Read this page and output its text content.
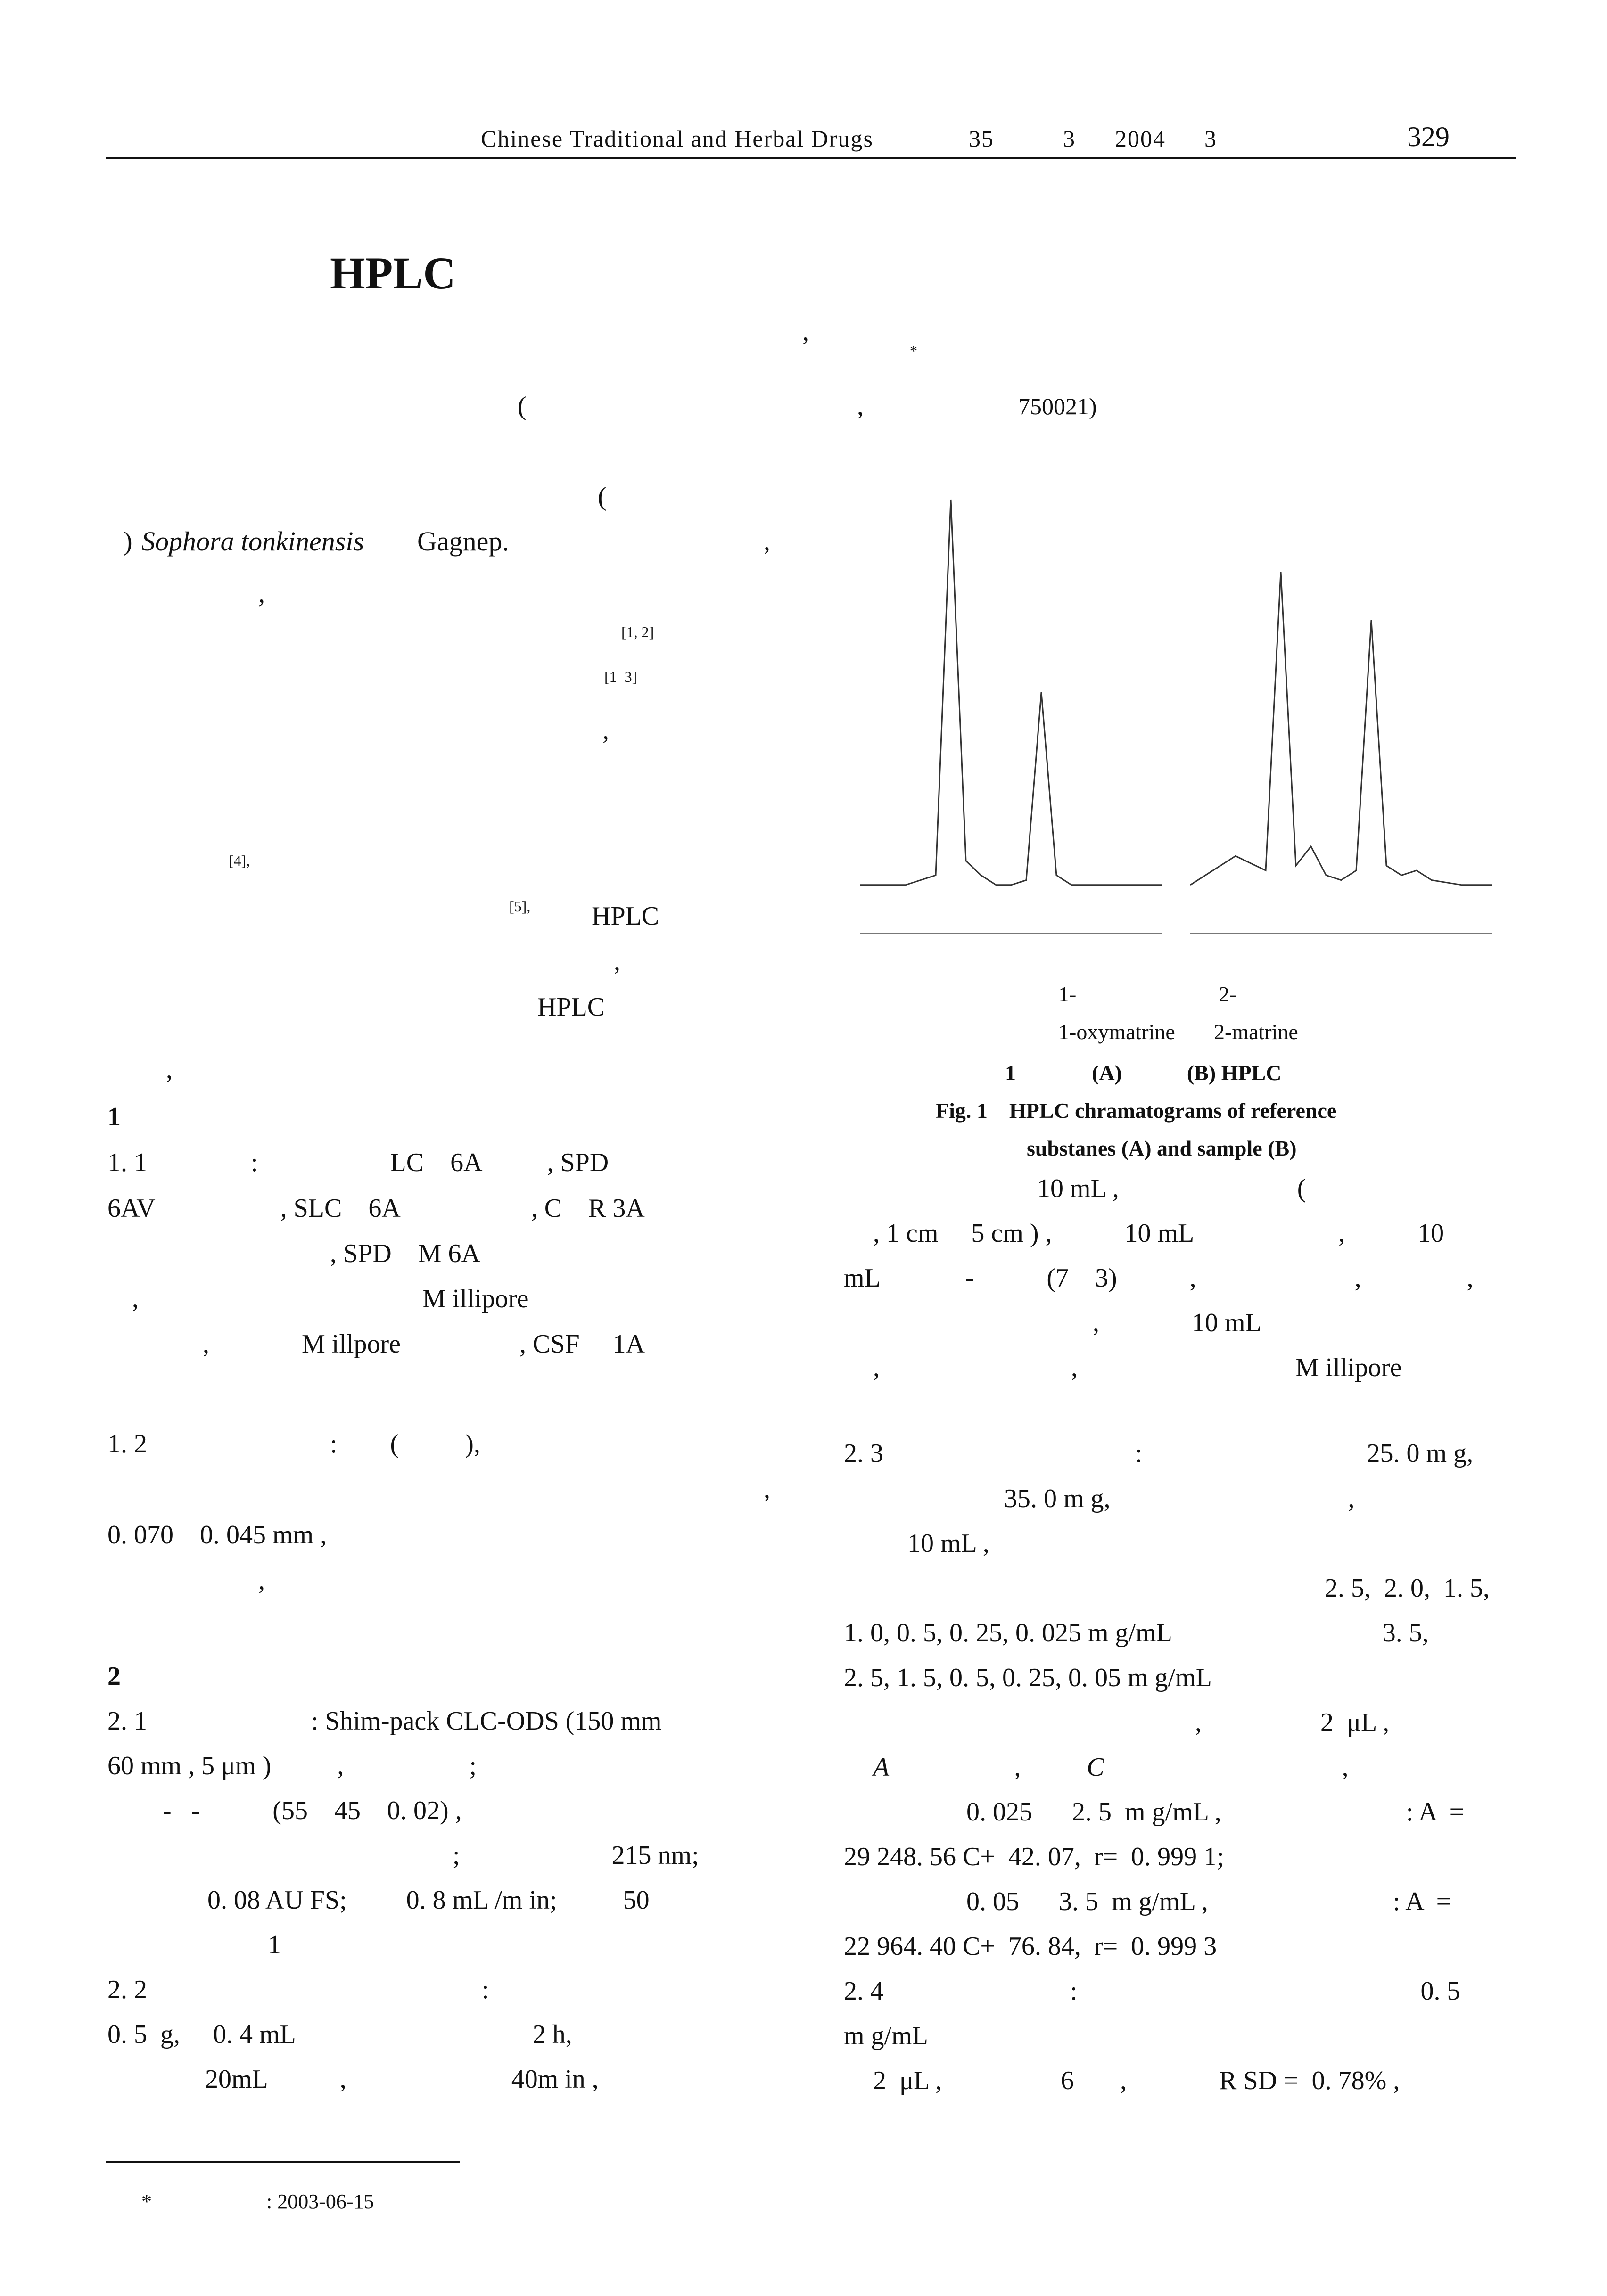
Chinese Traditional and Herbal Drugs	35	3 2004 3	329
HPLC
*
,
(	,	750021)
(
) Sophora tonkinensis Gagnep.	,
,
[1, 2]
[1  3]
,
[4],
[5], HPLC
,
HPLC
,
1
1. 1	:                    LC    6A          , SPD
6AV                   , SLC    6A                    , C    R 3A
, SPD    M 6A
,                                           M illipore
,              M illpore                  , CSF     1A
1. 2	:        (          ),
,
0. 070    0. 045 mm ,
,
2
2. 1	: Shim-pack CLC-ODS (150 mm
60 mm , 5 μm )          ,                   ;
-   -           (55    45    0. 02) ,
;                       215 nm;
0. 08 AU FS;         0. 8 mL /m in;          50
1
2. 2	:
0. 5  g,     0. 4 mL                                    2 h,
20mL           ,                         40m in ,
*	: 2003-06-15
1-	2-
1-oxymatrine 2-matrine
1              (A)            (B) HPLC
Fig. 1    HPLC chramatograms of reference
substanes (A) and sample (B)
10 mL ,                           (
, 1 cm     5 cm ) ,           10 mL                      ,           10
mL             -           (7    3)           ,                        ,                ,
,              10 mL
,                             ,                                 M illipore
2. 3	:                                  25. 0 m g,
35. 0 m g,                                    ,
10 mL ,
2. 5,  2. 0,  1. 5,
1. 0, 0. 5, 0. 25, 0. 025 m g/mL                                3. 5,
2. 5, 1. 5, 0. 5, 0. 25, 0. 05 m g/mL
,                  2  μL ,
A                   ,          C                                    ,
0. 025      2. 5  m g/mL ,                            : A  =
29 248. 56 C+  42. 07,  r=  0. 999 1;
0. 05      3. 5  m g/mL ,                            : A  =
22 964. 40 C+  76. 84,  r=  0. 999 3
2. 4	:                                                    0. 5
m g/mL
2  μL ,                  6       ,              R SD =  0. 78% ,
